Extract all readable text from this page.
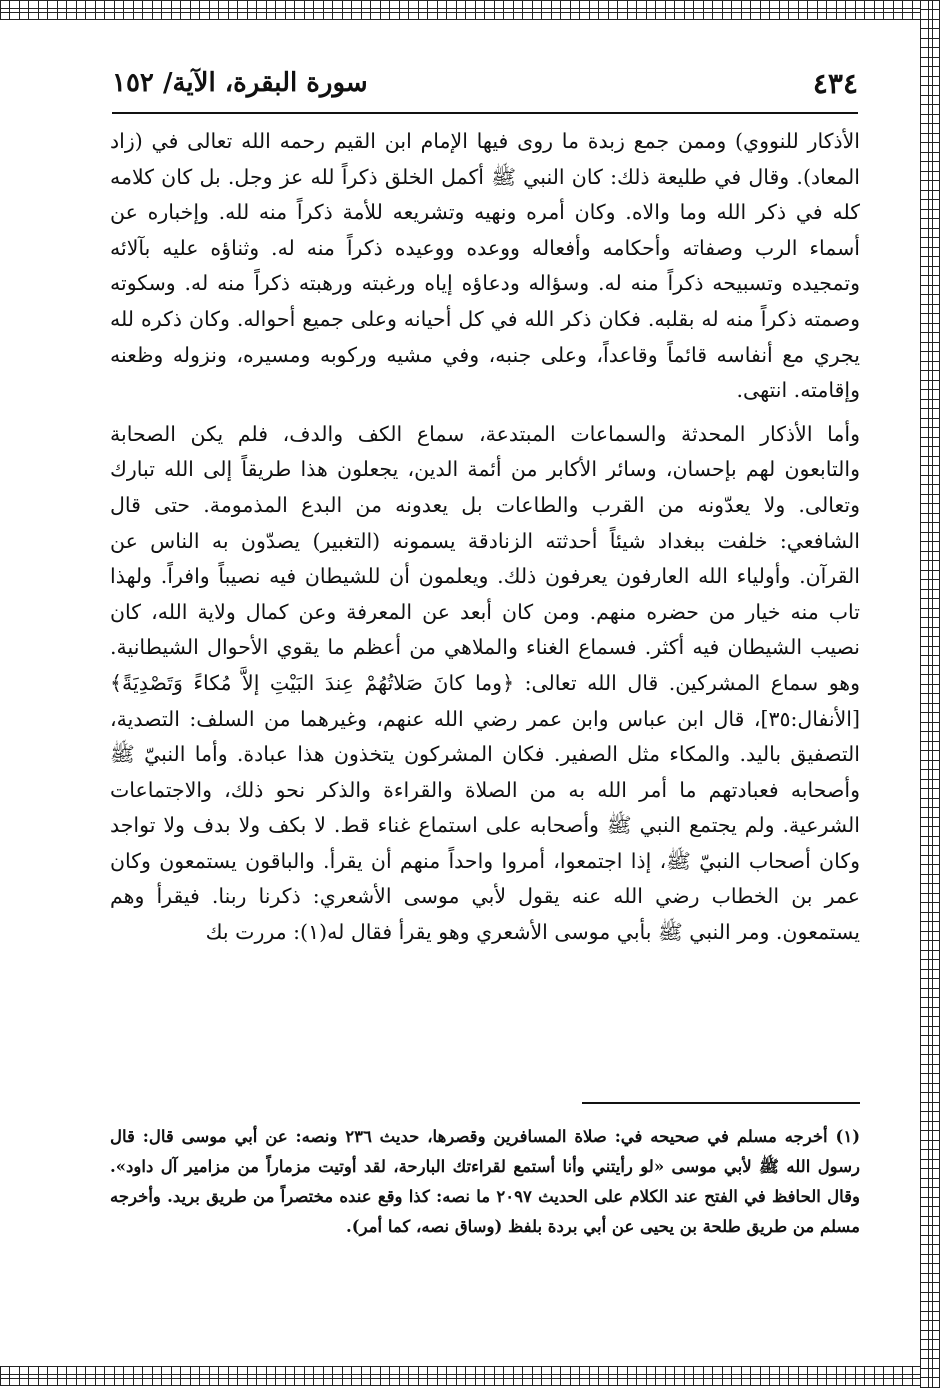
٤٣٤
سورة البقرة، الآية/ ١٥٢

الأذكار للنووي) وممن جمع زبدة ما روى فيها الإمام ابن القيم رحمه الله تعالى في (زاد المعاد). وقال في طليعة ذلك: كان النبي ﷺ أكمل الخلق ذكراً لله عز وجل. بل كان كلامه كله في ذكر الله وما والاه. وكان أمره ونهيه وتشريعه للأمة ذكراً منه لله. وإخباره عن أسماء الرب وصفاته وأحكامه وأفعاله ووعده ووعيده ذكراً منه له. وثناؤه عليه بآلائه وتمجيده وتسبيحه ذكراً منه له. وسؤاله ودعاؤه إياه ورغبته ورهبته ذكراً منه له. وسكوته وصمته ذكراً منه له بقلبه. فكان ذكر الله في كل أحيانه وعلى جميع أحواله. وكان ذكره لله يجري مع أنفاسه قائماً وقاعداً، وعلى جنبه، وفي مشيه وركوبه ومسيره، ونزوله وظعنه وإقامته. انتهى.

وأما الأذكار المحدثة والسماعات المبتدعة، سماع الكف والدف، فلم يكن الصحابة والتابعون لهم بإحسان، وسائر الأكابر من أئمة الدين، يجعلون هذا طريقاً إلى الله تبارك وتعالى. ولا يعدّونه من القرب والطاعات بل يعدونه من البدع المذمومة. حتى قال الشافعي: خلفت ببغداد شيئاً أحدثته الزنادقة يسمونه (التغبير) يصدّون به الناس عن القرآن. وأولياء الله العارفون يعرفون ذلك. ويعلمون أن للشيطان فيه نصيباً وافراً. ولهذا تاب منه خيار من حضره منهم. ومن كان أبعد عن المعرفة وعن كمال ولاية الله، كان نصيب الشيطان فيه أكثر. فسماع الغناء والملاهي من أعظم ما يقوي الأحوال الشيطانية. وهو سماع المشركين. قال الله تعالى: ﴿وما كانَ صَلاتُهُمْ عِندَ البَيْتِ إلاَّ مُكاءً وَتَصْدِيَةً﴾ [الأنفال:٣٥]، قال ابن عباس وابن عمر رضي الله عنهم، وغيرهما من السلف: التصدية، التصفيق باليد. والمكاء مثل الصفير. فكان المشركون يتخذون هذا عبادة. وأما النبيّ ﷺ وأصحابه فعبادتهم ما أمر الله به من الصلاة والقراءة والذكر نحو ذلك، والاجتماعات الشرعية. ولم يجتمع النبي ﷺ وأصحابه على استماع غناء قط. لا بكف ولا بدف ولا تواجد وكان أصحاب النبيّ ﷺ، إذا اجتمعوا، أمروا واحداً منهم أن يقرأ. والباقون يستمعون وكان عمر بن الخطاب رضي الله عنه يقول لأبي موسى الأشعري: ذكرنا ربنا. فيقرأ وهم يستمعون. ومر النبي ﷺ بأبي موسى الأشعري وهو يقرأ فقال له(١): مررت بك

(١) أخرجه مسلم في صحيحه في: صلاة المسافرين وقصرها، حديث ٢٣٦ ونصه: عن أبي موسى قال: قال رسول الله ﷺ لأبي موسى «لو رأيتني وأنا أستمع لقراءتك البارحة، لقد أوتيت مزماراً من مزامير آل داود». وقال الحافظ في الفتح عند الكلام على الحديث ٢٠٩٧ ما نصه: كذا وقع عنده مختصراً من طريق بريد. وأخرجه مسلم من طريق طلحة بن يحيى عن أبي بردة بلفظ (وساق نصه، كما أمر).
